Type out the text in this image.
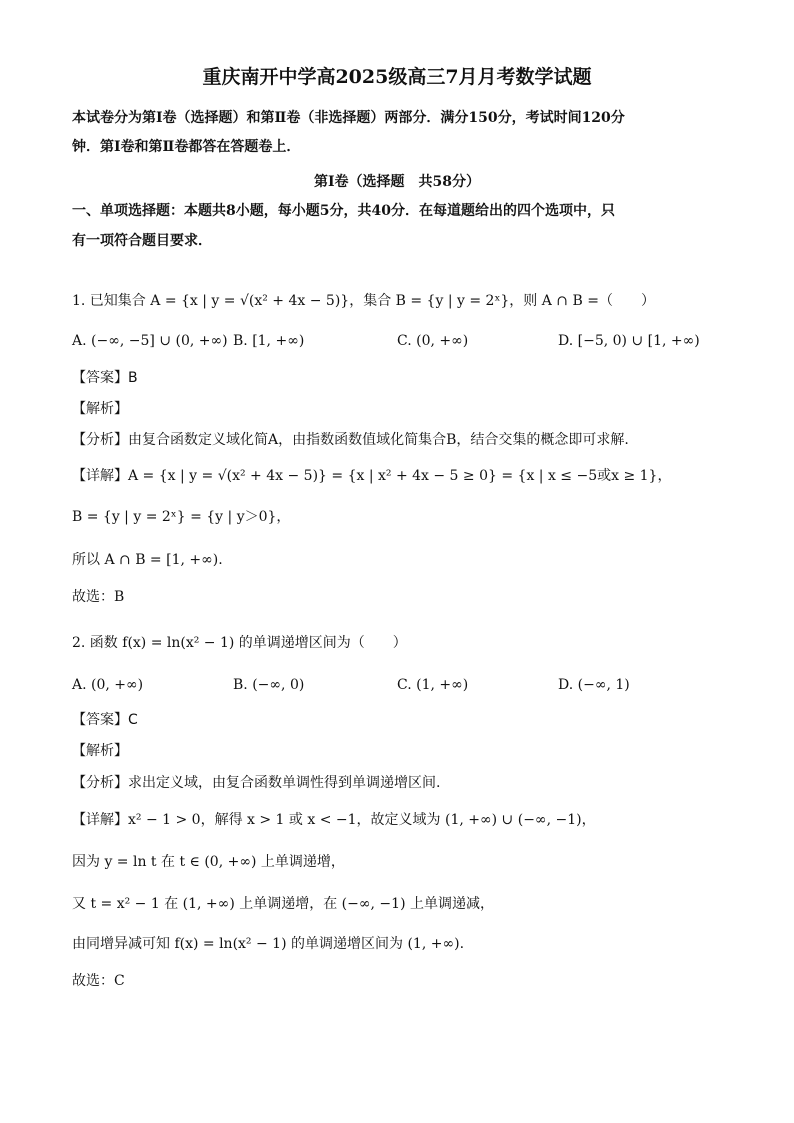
重庆南开中学高2025级高三7月月考数学试题
本试卷分为第Ⅰ卷（选择题）和第Ⅱ卷（非选择题）两部分．满分150分，考试时间120分
钟．第Ⅰ卷和第Ⅱ卷都答在答题卷上．
第Ⅰ卷（选择题　共58分）
一、单项选择题：本题共8小题，每小题5分，共40分．在每道题给出的四个选项中，只
有一项符合题目要求．
1. 已知集合 A = {x | y = √(x² + 4x − 5)}，集合 B = {y | y = 2ˣ}，则 A ∩ B =（　　）
A. (−∞, −5] ∪ (0, +∞) B. [1, +∞)	C. (0, +∞)	D. [−5, 0) ∪ [1, +∞)
【答案】B
【解析】
【分析】由复合函数定义域化简A，由指数函数值域化简集合B，结合交集的概念即可求解.
【详解】A = {x | y = √(x² + 4x − 5)} = {x | x² + 4x − 5 ≥ 0} = {x | x ≤ −5或x ≥ 1}，
B = {y | y = 2ˣ} = {y | y＞0}，
所以 A ∩ B = [1, +∞).
故选：B
2. 函数 f(x) = ln(x² − 1) 的单调递增区间为（　　）
A. (0, +∞)	B. (−∞, 0)	C. (1, +∞)	D. (−∞, 1)
【答案】C
【解析】
【分析】求出定义域，由复合函数单调性得到单调递增区间.
【详解】x² − 1 > 0，解得 x > 1 或 x < −1，故定义域为 (1, +∞) ∪ (−∞, −1)，
因为 y = ln t 在 t ∈ (0, +∞) 上单调递增，
又 t = x² − 1 在 (1, +∞) 上单调递增，在 (−∞, −1) 上单调递减，
由同增异减可知 f(x) = ln(x² − 1) 的单调递增区间为 (1, +∞).
故选：C
